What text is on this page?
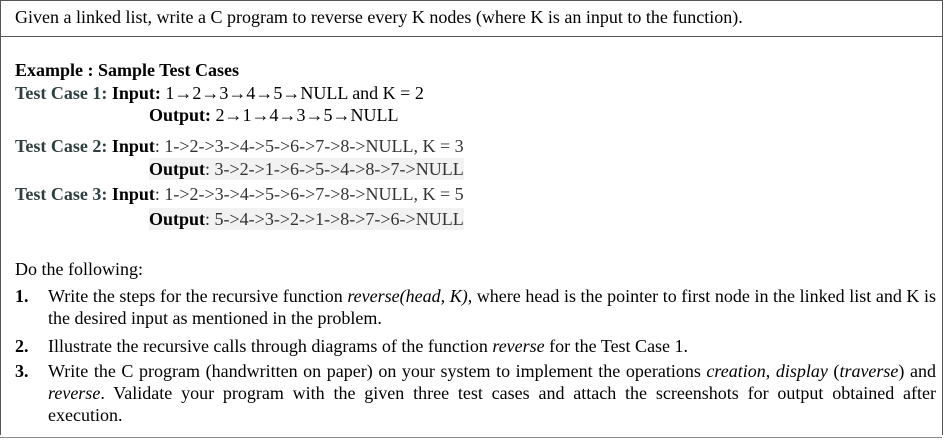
Given a linked list, write a C program to reverse every K nodes (where K is an input to the function).
Example : Sample Test Cases
Test Case 1: Input: 1→2→3→4→5→NULL and K = 2
Output: 2→1→4→3→5→NULL
Test Case 2: Input: 1->2->3->4->5->6->7->8->NULL, K = 3
Output: 3->2->1->6->5->4->8->7->NULL
Test Case 3: Input: 1->2->3->4->5->6->7->8->NULL, K = 5
Output: 5->4->3->2->1->8->7->6->NULL
Do the following:
1. Write the steps for the recursive function reverse(head, K), where head is the pointer to first node in the linked list and K is the desired input as mentioned in the problem.
2. Illustrate the recursive calls through diagrams of the function reverse for the Test Case 1.
3. Write the C program (handwritten on paper) on your system to implement the operations creation, display (traverse) and reverse. Validate your program with the given three test cases and attach the screenshots for output obtained after execution.
